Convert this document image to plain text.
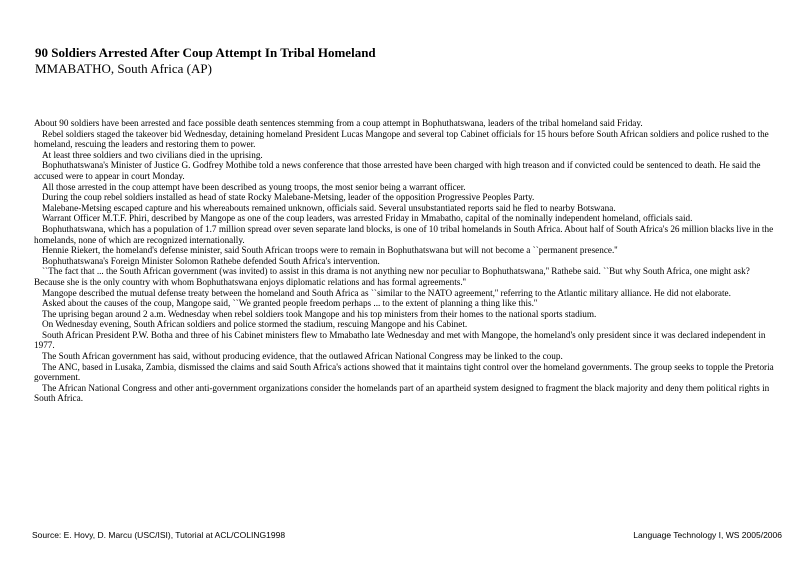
90 Soldiers Arrested After Coup Attempt In Tribal Homeland

MMABATHO, South Africa (AP)

About 90 soldiers have been arrested and face possible death sentences stemming from a coup attempt in Bophuthatswana, leaders of the tribal homeland said Friday.

Rebel soldiers staged the takeover bid Wednesday, detaining homeland President Lucas Mangope and several top Cabinet officials for 15 hours before South African soldiers and police rushed to the homeland, rescuing the leaders and restoring them to power.

At least three soldiers and two civilians died in the uprising.

Bophuthatswana's Minister of Justice G. Godfrey Mothibe told a news conference that those arrested have been charged with high treason and if convicted could be sentenced to death. He said the accused were to appear in court Monday.

All those arrested in the coup attempt have been described as young troops, the most senior being a warrant officer.

During the coup rebel soldiers installed as head of state Rocky Malebane-Metsing, leader of the opposition Progressive Peoples Party.

Malebane-Metsing escaped capture and his whereabouts remained unknown, officials said. Several unsubstantiated reports said he fled to nearby Botswana.

Warrant Officer M.T.F. Phiri, described by Mangope as one of the coup leaders, was arrested Friday in Mmabatho, capital of the nominally independent homeland, officials said.

Bophuthatswana, which has a population of 1.7 million spread over seven separate land blocks, is one of 10 tribal homelands in South Africa. About half of South Africa's 26 million blacks live in the homelands, none of which are recognized internationally.

Hennie Riekert, the homeland's defense minister, said South African troops were to remain in Bophuthatswana but will not become a ``permanent presence.''

Bophuthatswana's Foreign Minister Solomon Rathebe defended South Africa's intervention.

``The fact that ... the South African government (was invited) to assist in this drama is not anything new nor peculiar to Bophuthatswana,'' Rathebe said. ``But why South Africa, one might ask? Because she is the only country with whom Bophuthatswana enjoys diplomatic relations and has formal agreements.''

Mangope described the mutual defense treaty between the homeland and South Africa as ``similar to the NATO agreement,'' referring to the Atlantic military alliance. He did not elaborate.

Asked about the causes of the coup, Mangope said, ``We granted people freedom perhaps ... to the extent of planning a thing like this.''

The uprising began around 2 a.m. Wednesday when rebel soldiers took Mangope and his top ministers from their homes to the national sports stadium.

On Wednesday evening, South African soldiers and police stormed the stadium, rescuing Mangope and his Cabinet.

South African President P.W. Botha and three of his Cabinet ministers flew to Mmabatho late Wednesday and met with Mangope, the homeland's only president since it was declared independent in 1977.

The South African government has said, without producing evidence, that the outlawed African National Congress may be linked to the coup.

The ANC, based in Lusaka, Zambia, dismissed the claims and said South Africa's actions showed that it maintains tight control over the homeland governments. The group seeks to topple the Pretoria government.

The African National Congress and other anti-government organizations consider the homelands part of an apartheid system designed to fragment the black majority and deny them political rights in South Africa.

Source: E. Hovy, D. Marcu (USC/ISI), Tutorial at ACL/COLING1998	Language Technology I, WS 2005/2006
